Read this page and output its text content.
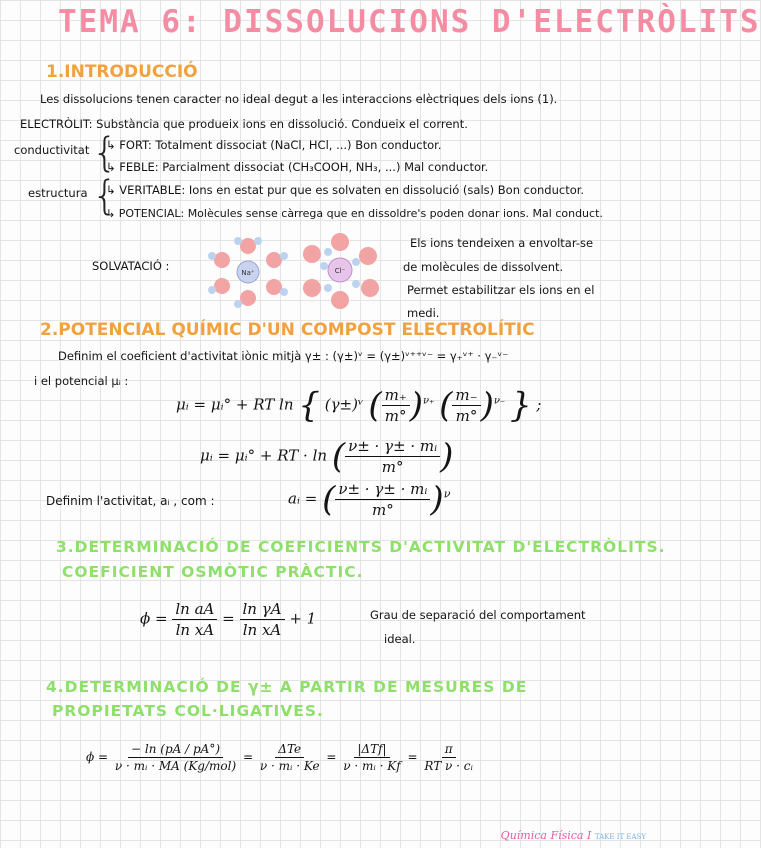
TEMA 6: DISSOLUCIONS D'ELECTRÒLITS
1.INTRODUCCIÓ
Les dissolucions tenen caracter no ideal degut a les interaccions elèctriques dels ions (1).
ELECTRÒLIT: Substància que produeix ions en dissolució. Condueix el corrent.
conductivitat {
↳ FORT: Totalment dissociat (NaCl, HCl, ...) Bon conductor.
↳ FEBLE: Parcialment dissociat (CH₃COOH, NH₃, ...) Mal conductor.
estructura {
↳ VERITABLE: Ions en estat pur que es solvaten en dissolució (sals) Bon conductor.
↳ POTENCIAL: Molècules sense càrrega que en dissoldre's poden donar ions. Mal conduct.
SOLVATACIÓ :	Na⁺	Cl⁻
Els ions tendeixen a envoltar-se
de molècules de dissolvent.
Permet estabilitzar els ions en el
medi.
2.POTENCIAL QUÍMIC D'UN COMPOST ELECTROLÍTIC
Definim el coeficient d'activitat iònic mitjà γ± : (γ±)ᵛ = (γ±)ᵛ⁺⁺ᵛ⁻ = γ₊ᵛ⁺ · γ₋ᵛ⁻
i el potencial μᵢ :
μᵢ = μᵢ° + RT ln { (γ±)ᵛ ( $\frac{m_+}{m^\circ} )^{\nu_+}$ ( $\frac{m_-}{m^\circ} )^{\nu_-}$ } ;
μᵢ = μᵢ° + RT · ln ( $\frac{\text{ν± · γ± · mᵢ}}{m^\circ}$ )
Definim l'activitat, aᵢ , com :	aᵢ = ( $\frac{\text{ν± · γ± · mᵢ}}{m^\circ} )^\nu$
3.DETERMINACIÓ DE COEFICIENTS D'ACTIVITAT D'ELECTRÒLITS.
COEFICIENT OSMÒTIC PRÀCTIC.
$\phi = \frac{\text{ln aA}}{\text{ln xA}} = \frac{\text{ln γA}}{\text{ln xA}} + 1$	Grau de separació del comportament
ideal.
4.DETERMINACIÓ DE γ± A PARTIR DE MESURES DE
PROPIETATS COL·LIGATIVES.
$\phi = \frac{- \ln (pA / pA^\circ)}{\text{ν · mᵢ · MA (Kg/mol)}} = \frac{\text{ΔTe}}{\text{ν · mᵢ · Ke}} = \frac{\text{|ΔTf|}}{\text{ν · mᵢ · Kf}} = \frac{\pi}{\text{RT ν · cᵢ}}$
Química Física I TAKE IT EASY
